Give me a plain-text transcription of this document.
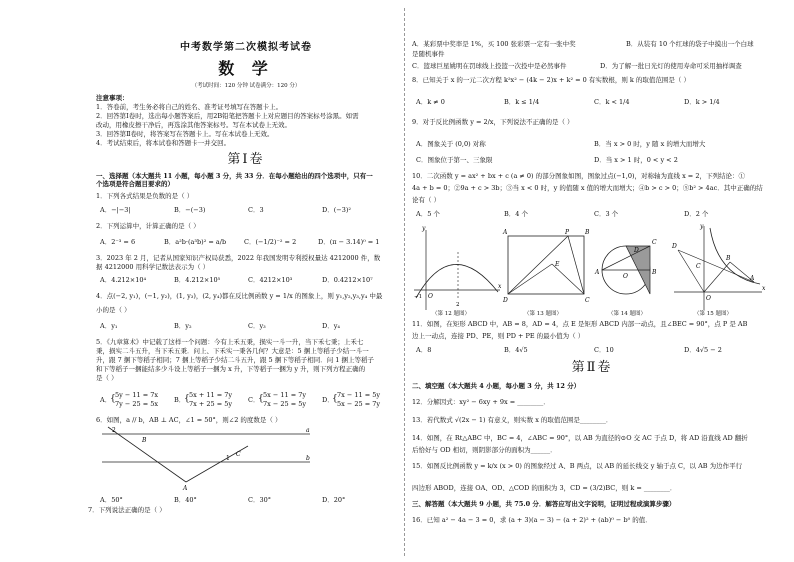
中考数学第二次模拟考试卷
数 学
（考试时间：120 分钟 试卷满分：120 分）
注意事项：
1．答卷前，考生务必将自己的姓名、准考证号填写在答题卡上。
2．回答第Ⅰ卷时，选出每小题答案后，用2B铅笔把答题卡上对应题目的答案标号涂黑。如需
改动，用橡皮擦干净后，再选涂其他答案标号。写在本试卷上无效。
3．回答第Ⅱ卷时，将答案写在答题卡上。写在本试卷上无效。
4．考试结束后，将本试卷和答题卡一并交回。
第Ⅰ卷
一、选择题（本大题共 11 小题，每小题 3 分，共 33 分．在每小题给出的四个选项中，只有一
个选项是符合题目要求的）
1．下列各式结果是负数的是（ ）
A．−|−3|	B．−(−3)	C．3	D．(−3)²
2．下列运算中，计算正确的是（ ）
A．2⁻³ = 6	B．a²b·(a³b)² = a/b	C．(−1/2)⁻² = 2	D．(π − 3.14)⁰ = 1
3．2023 年 2 月，记者从国家知识产权局获悉，2022 年我国发明专利授权量达 4212000 件，数
据 4212000 用科学记数法表示为（ ）
A．4.212×10⁴	B．4.212×10⁵	C．4212×10³	D．0.4212×10⁷
4．点(−2, y₁)，(−1, y₂)，(1, y₃)，(2, y₄)都在反比例函数 y = 1/x 的图象上，则 y₁,y₂,y₃,y₄ 中最
小的是（ ）
A．y₁	B．y₂	C．y₃	D．y₄
5．《九章算术》中记载了这样一个问题：今有上禾五秉，损实一斗一升，当下禾七秉；上禾七
秉，损实二斗五升，当下禾五秉．问上、下禾实一秉各几何？大意是：5 捆上等稻子少结一斗一
升，跟 7 捆下等稻子相同；7 捆上等稻子少结二斗五升，跟 5 捆下等稻子相同．问 1 捆上等稻子
和下等稻子一捆能结多少斗设上等稻子一捆为 x 升，下等稻子一捆为 y 升，则下列方程正确的
是（ ）
A．
{ 5y − 11 = 7x
7y − 25 = 5x B．
{ 5x + 11 = 7y
7x + 25 = 5y C．
{ 5x − 11 = 7y
7x − 25 = 5y D．
{ 7x − 11 = 5y
5x − 25 = 7y
6．如图，a // b，AB ⊥ AC，∠1 = 50°，则∠2 的度数是（ ）
2
B
C
1
A
a
b
A．50°	B．40°	C．30°	D．20°
7．下列说法正确的是（ ）
A．某彩票中奖率是 1%，买 100 张彩票一定有一张中奖	B．从装有 10 个红球的袋子中摸出一个白球
是随机事件
C．篮球巨星姚明在罚球线上投篮一次投中是必然事件	D．为了解一批日光灯的使用寿命可采用抽样调查
8．已知关于 x 的一元二次方程 k²x² − (4k − 2)x + k² = 0 有实数根，则 k 的取值范围是（ ）
A．k ≠ 0	B．k ≤ 1/4	C．k < 1/4	D．k > 1/4
9．对于反比例函数 y = 2/x，下列说法不正确的是（ ）
A．图象关于 (0,0) 对称	B．当 x > 0 时，y 随 x 的增大而增大
C．图象位于第一、三象限	D．当 x > 1 时，0 < y < 2
10．二次函数 y = ax² + bx + c (a ≠ 0) 的部分图象如图，图象过点(−1,0)，对称轴为直线 x = 2，下列结论：①
4a + b = 0；②9a + c > 3b；③当 x < 0 时，y 的值随 x 值的增大而增大；④b > c > 0；⑤b² > 4ac．其中正确的结
论有（ ）
A．5 个	B．4 个	C．3 个	D．2 个
y
x
O
−1
2
A	P	B
E
D	C
A
C
B
D
O
y
x
O
D
B
A
C
（第 12 题图）	（第 13 题图）	（第 14 题图）	（第 15 题图）
11．如图，在矩形 ABCD 中，AB = 8，AD = 4，点 E 是矩形 ABCD 内部一动点，且∠BEC = 90°，点 P 是 AB
边上一动点，连接 PD、PE，则 PD + PE 的最小值为（ ）
A．8	B．4√5	C．10	D．4√5 − 2
第Ⅱ卷
二、填空题（本大题共 4 小题，每小题 3 分，共 12 分）
12．分解因式：xy² − 6xy + 9x = ________．
13．若代数式 √(2x − 1) 有意义，则实数 x 的取值范围是________．
14．如图，在 Rt△ABC 中，BC = 4，∠ABC = 90°，以 AB 为直径的⊙O 交 AC 于点 D，将 AD 沿直线 AD 翻折
后恰好与 OD 相切，则阴影部分的面积为______．
15．如图反比例函数 y = k/x (x > 0) 的图象经过 A、B 两点，以 AB 的延长线交 y 轴于点 C，以 AB 为边作平行
四边形 ABOD，连接 OA、OD、△COD 的面积为 3，CD = (3/2)BC，则 k = ________．
三、解答题（本大题共 9 小题，共 75.0 分．解答应写出文字说明，证明过程或演算步骤）
16．已知 a² − 4a − 3 = 0，求 (a + 3)(a − 3) − (a + 2)² + (ab)⁰ − b⁰ 的值．
